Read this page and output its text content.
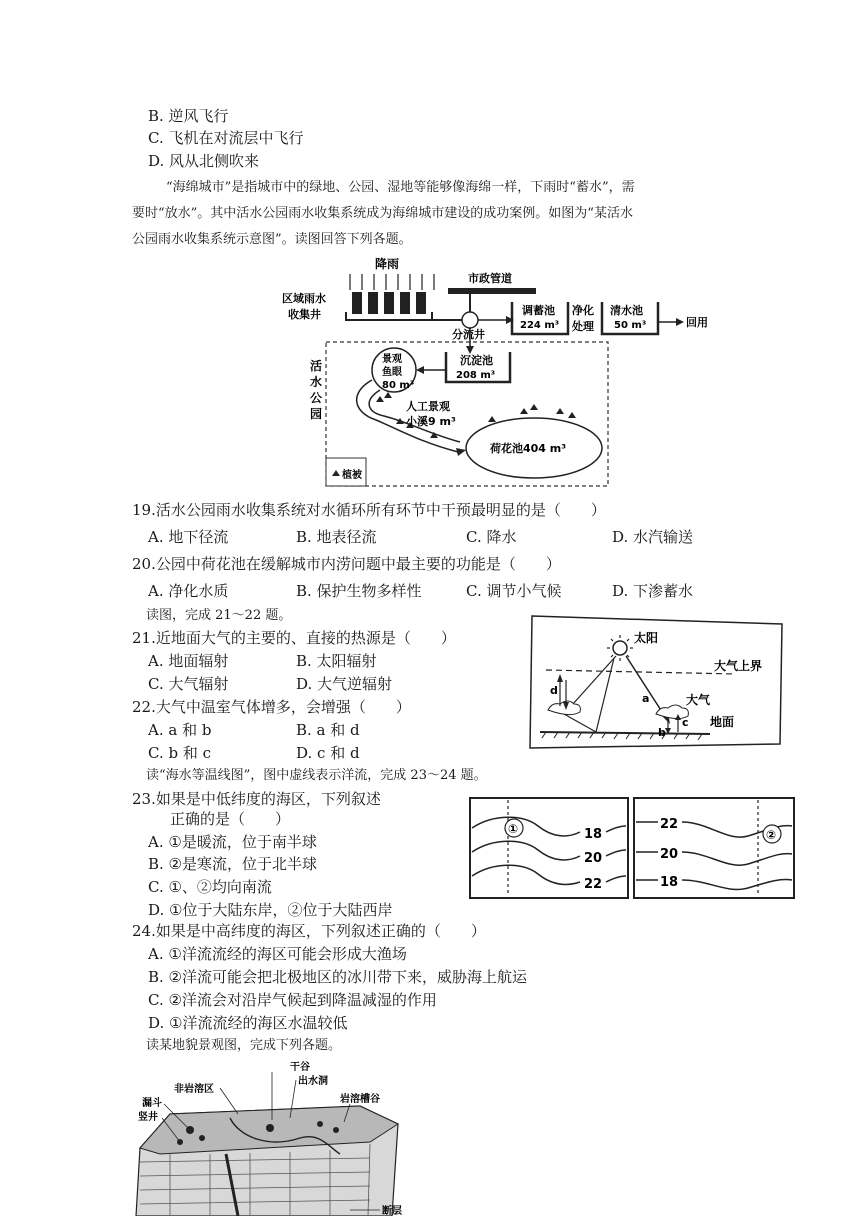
B. 逆风飞行
C. 飞机在对流层中飞行
D. 风从北侧吹来
“海绵城市”是指城市中的绿地、公园、湿地等能够像海绵一样，下雨时“蓄水”，需
要时“放水”。其中活水公园雨水收集系统成为海绵城市建设的成功案例。如图为“某活水
公园雨水收集系统示意图”。读图回答下列各题。
降雨
区域雨水
收集井
市政管道
分流井
调蓄池
224 m³
净化
处理
清水池
50 m³	回用
沉淀池
208 m³
景观
鱼眼
80 m³
活
水
公
园
人工景观
小溪9 m³
荷花池404 m³
植被
19.活水公园雨水收集系统对水循环所有环节中干预最明显的是（　　）
A. 地下径流	B. 地表径流	C. 降水	D. 水汽输送
20.公园中荷花池在缓解城市内涝问题中最主要的功能是（　　）
A. 净化水质	B. 保护生物多样性	C. 调节小气候	D. 下渗蓄水
读图，完成 21～22 题。
21.近地面大气的主要的、直接的热源是（　　）
A. 地面辐射	B. 太阳辐射
C. 大气辐射	D. 大气逆辐射
22.大气中温室气体增多，会增强（　　）
A. a 和 b	B. a 和 d
C. b 和 c	D. c 和 d
太阳
大气上界
地面
大气
a
d
b
c
读“海水等温线图”，图中虚线表示洋流，完成 23～24 题。
23.如果是中低纬度的海区，下列叙述
正确的是（　　）
A. ①是暖流，位于南半球
B. ②是寒流，位于北半球
C. ①、②均向南流
D. ①位于大陆东岸，②位于大陆西岸
①	18
20
22
②
22
20
18
24.如果是中高纬度的海区，下列叙述正确的（　　）
A. ①洋流流经的海区可能会形成大渔场
B. ②洋流可能会把北极地区的冰川带下来，威胁海上航运
C. ②洋流会对沿岸气候起到降温减湿的作用
D. ①洋流流经的海区水温较低
读某地貌景观图，完成下列各题。
干谷
出水洞
非岩溶区
漏斗
竖井
岩溶槽谷
断层
